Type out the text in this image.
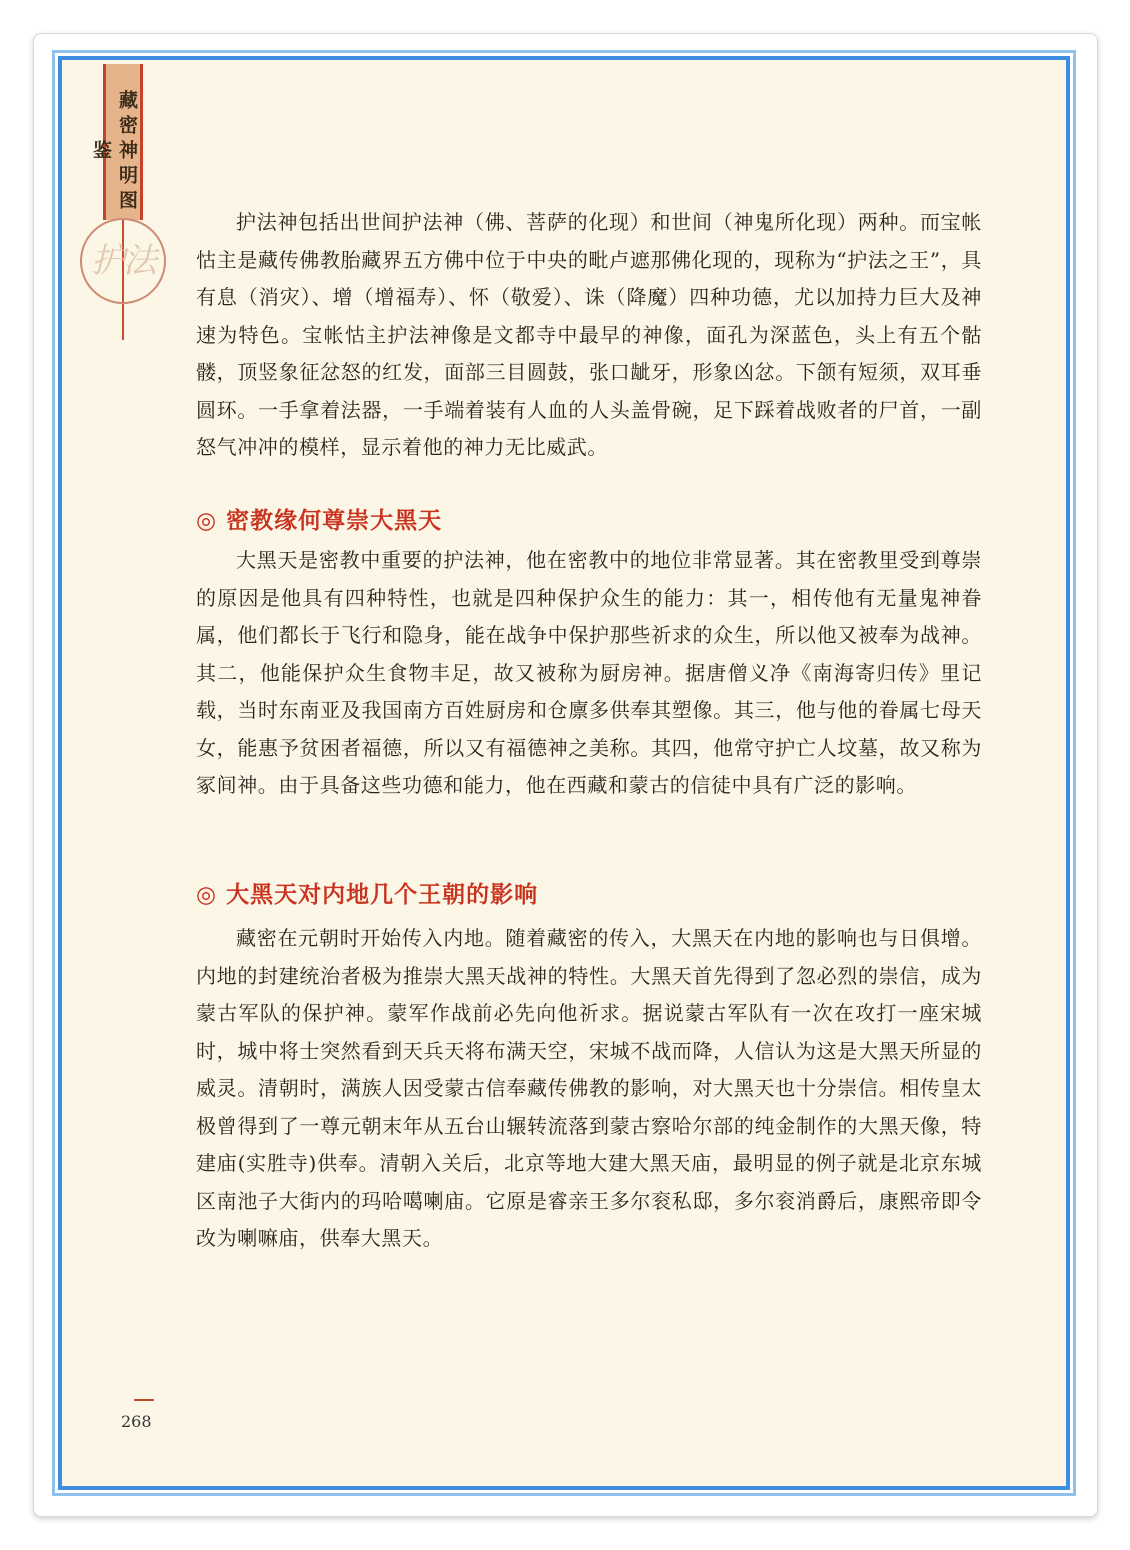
藏密神明图鉴
护法

护法神包括出世间护法神（佛、菩萨的化现）和世间（神鬼所化现）两种。而宝帐怙主是藏传佛教胎藏界五方佛中位于中央的毗卢遮那佛化现的，现称为“护法之王”，具有息（消灾）、增（增福寿）、怀（敬爱）、诛（降魔）四种功德，尤以加持力巨大及神速为特色。宝帐怙主护法神像是文都寺中最早的神像，面孔为深蓝色，头上有五个骷髅，顶竖象征忿怒的红发，面部三目圆鼓，张口龇牙，形象凶忿。下颌有短须，双耳垂圆环。一手拿着法器，一手端着装有人血的人头盖骨碗，足下踩着战败者的尸首，一副怒气冲冲的模样，显示着他的神力无比威武。

◎ 密教缘何尊崇大黑天

大黑天是密教中重要的护法神，他在密教中的地位非常显著。其在密教里受到尊崇的原因是他具有四种特性，也就是四种保护众生的能力：其一，相传他有无量鬼神眷属，他们都长于飞行和隐身，能在战争中保护那些祈求的众生，所以他又被奉为战神。其二，他能保护众生食物丰足，故又被称为厨房神。据唐僧义净《南海寄归传》里记载，当时东南亚及我国南方百姓厨房和仓廪多供奉其塑像。其三，他与他的眷属七母天女，能惠予贫困者福德，所以又有福德神之美称。其四，他常守护亡人坟墓，故又称为冢间神。由于具备这些功德和能力，他在西藏和蒙古的信徒中具有广泛的影响。

◎ 大黑天对内地几个王朝的影响

藏密在元朝时开始传入内地。随着藏密的传入，大黑天在内地的影响也与日俱增。内地的封建统治者极为推崇大黑天战神的特性。大黑天首先得到了忽必烈的崇信，成为蒙古军队的保护神。蒙军作战前必先向他祈求。据说蒙古军队有一次在攻打一座宋城时，城中将士突然看到天兵天将布满天空，宋城不战而降，人信认为这是大黑天所显的威灵。清朝时，满族人因受蒙古信奉藏传佛教的影响，对大黑天也十分崇信。相传皇太极曾得到了一尊元朝末年从五台山辗转流落到蒙古察哈尔部的纯金制作的大黑天像，特建庙(实胜寺)供奉。清朝入关后，北京等地大建大黑天庙，最明显的例子就是北京东城区南池子大街内的玛哈噶喇庙。它原是睿亲王多尔衮私邸，多尔衮消爵后，康熙帝即令改为喇嘛庙，供奉大黑天。

268
